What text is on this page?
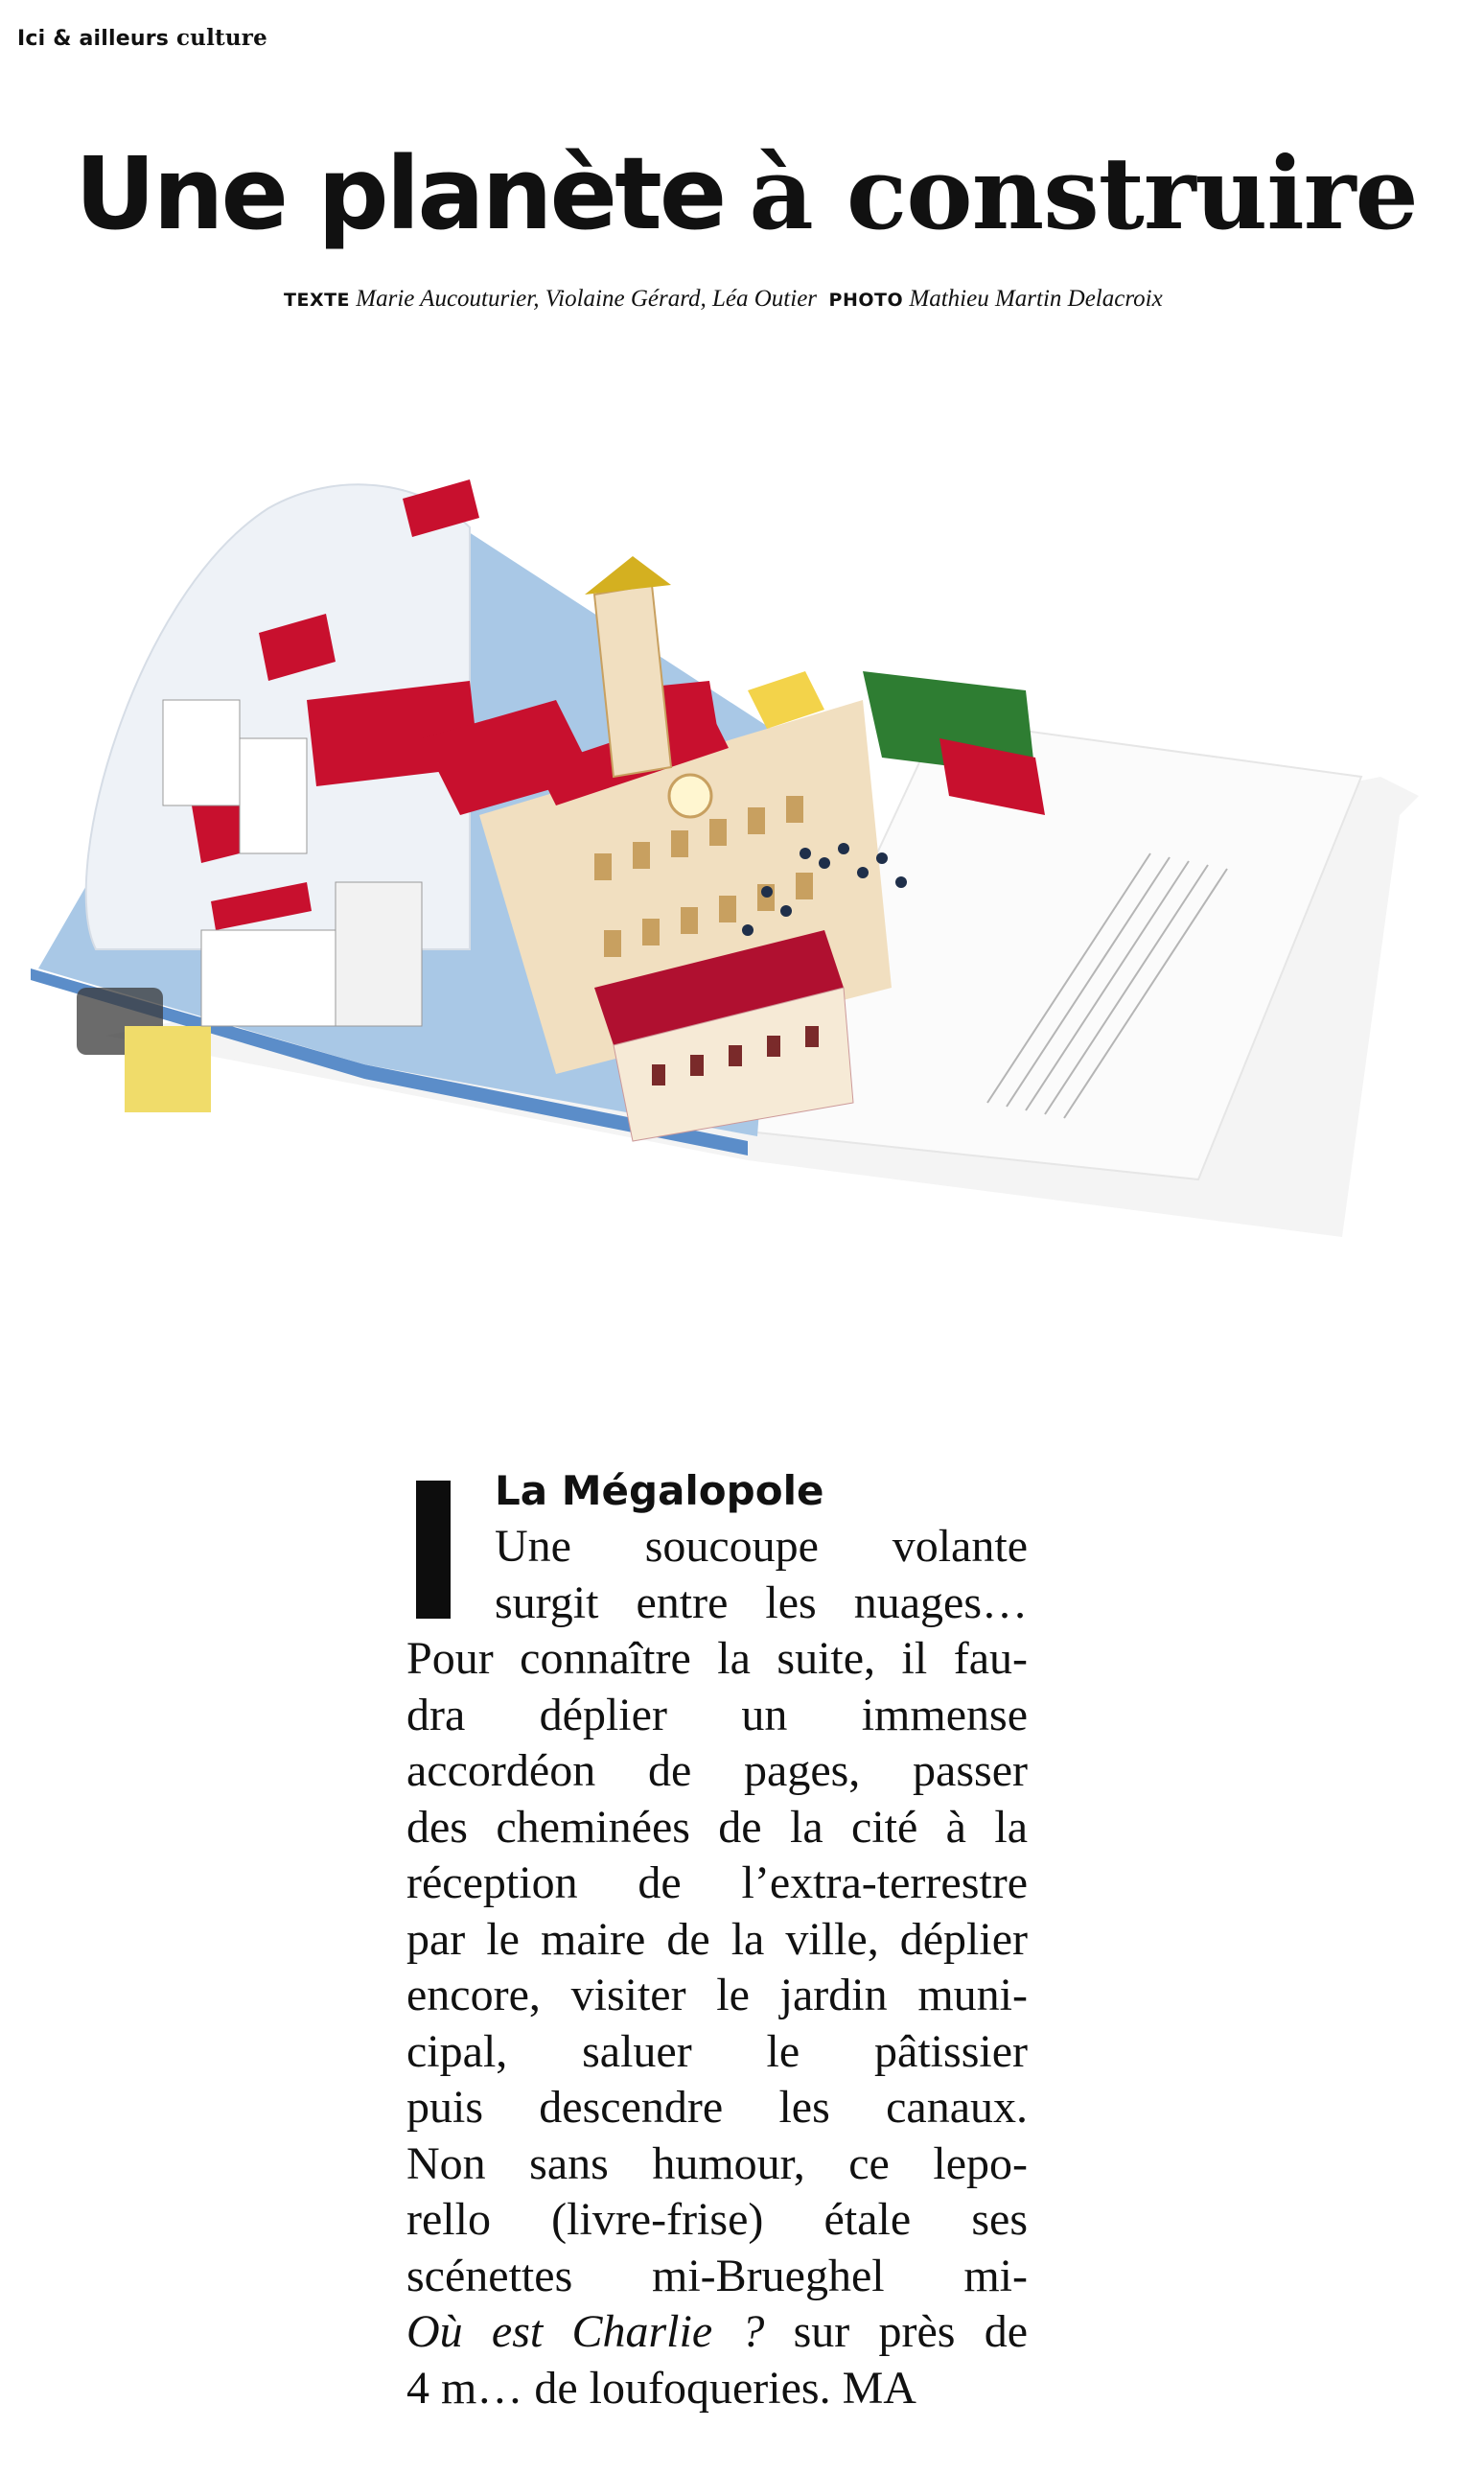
Ici & ailleurs culture
Une planète à construire
TEXTE Marie Aucouturier, Violaine Gérard, Léa Outier PHOTO Mathieu Martin Delacroix
La Mégalopole

Une soucoupe volante
surgit entre les nuages…
Pour connaître la suite, il fau-
dra déplier un immense
accordéon de pages, passer
des cheminées de la cité à la
réception de l’extra-terrestre
par le maire de la ville, déplier
encore, visiter le jardin muni-
cipal, saluer le pâtissier
puis descendre les canaux.
Non sans humour, ce lepo-
rello (livre-frise) étale ses
scénettes mi-Brueghel mi-
Où est Charlie ? sur près de
4 m… de loufoqueries. MA
